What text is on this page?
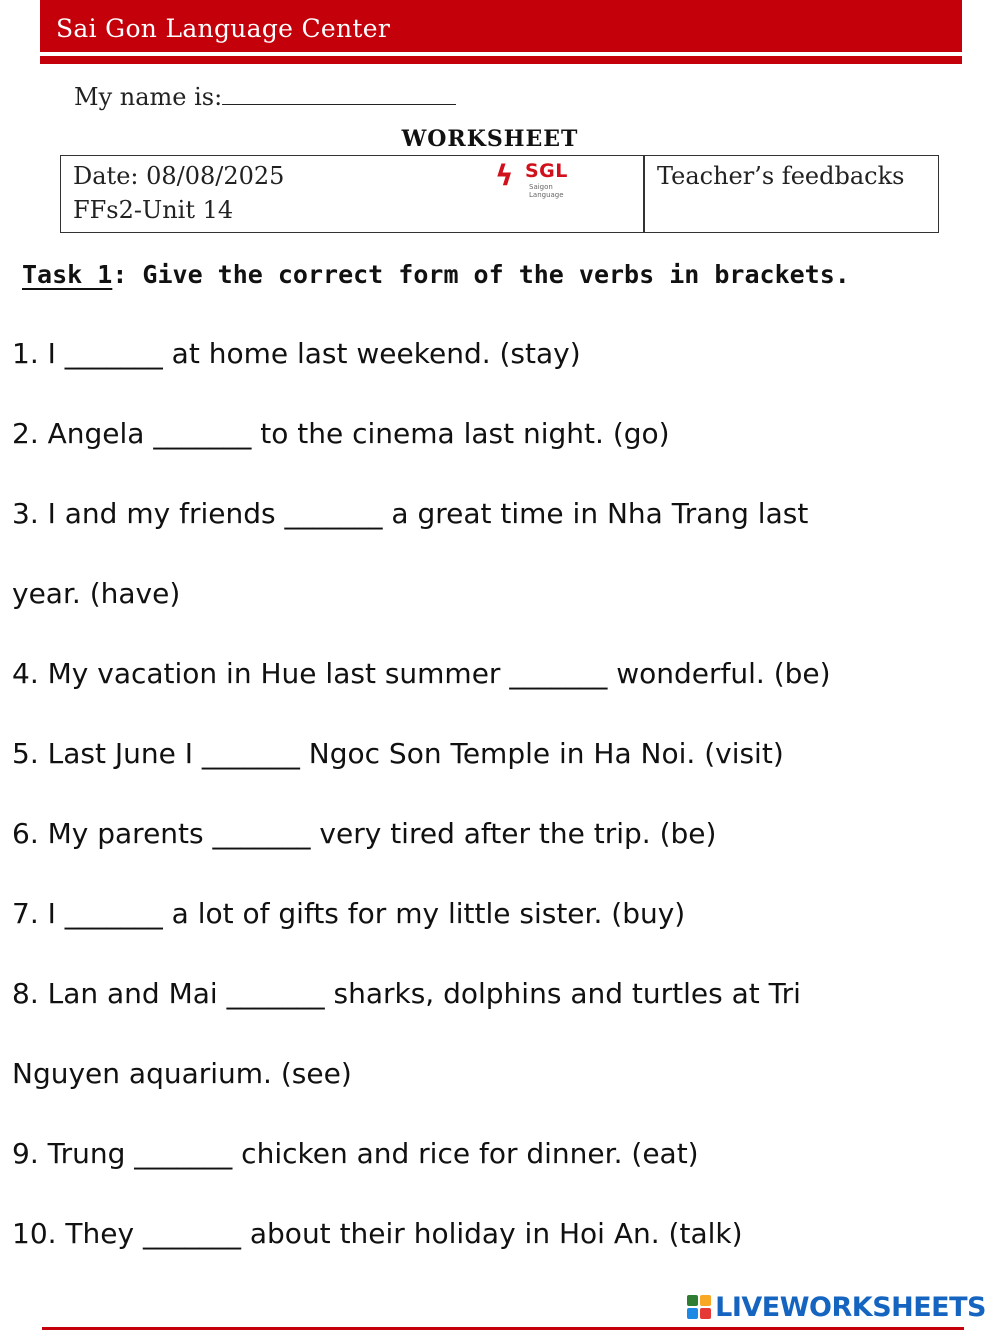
Sai Gon Language Center
My name is:
WORKSHEET
Date: 08/08/2025
FFs2-Unit 14
ϟ SGL
Saigon Language
Teacher’s feedbacks
Task 1: Give the correct form of the verbs in brackets.
1. I _______ at home last weekend. (stay)
2. Angela _______ to the cinema last night. (go)
3. I and my friends _______ a great time in Nha Trang last
year. (have)
4. My vacation in Hue last summer _______ wonderful. (be)
5. Last June I _______ Ngoc Son Temple in Ha Noi. (visit)
6. My parents _______ very tired after the trip. (be)
7. I _______ a lot of gifts for my little sister. (buy)
8. Lan and Mai _______ sharks, dolphins and turtles at Tri
Nguyen aquarium. (see)
9. Trung _______ chicken and rice for dinner. (eat)
10. They _______ about their holiday in Hoi An. (talk)
LIVEWORKSHEETS
